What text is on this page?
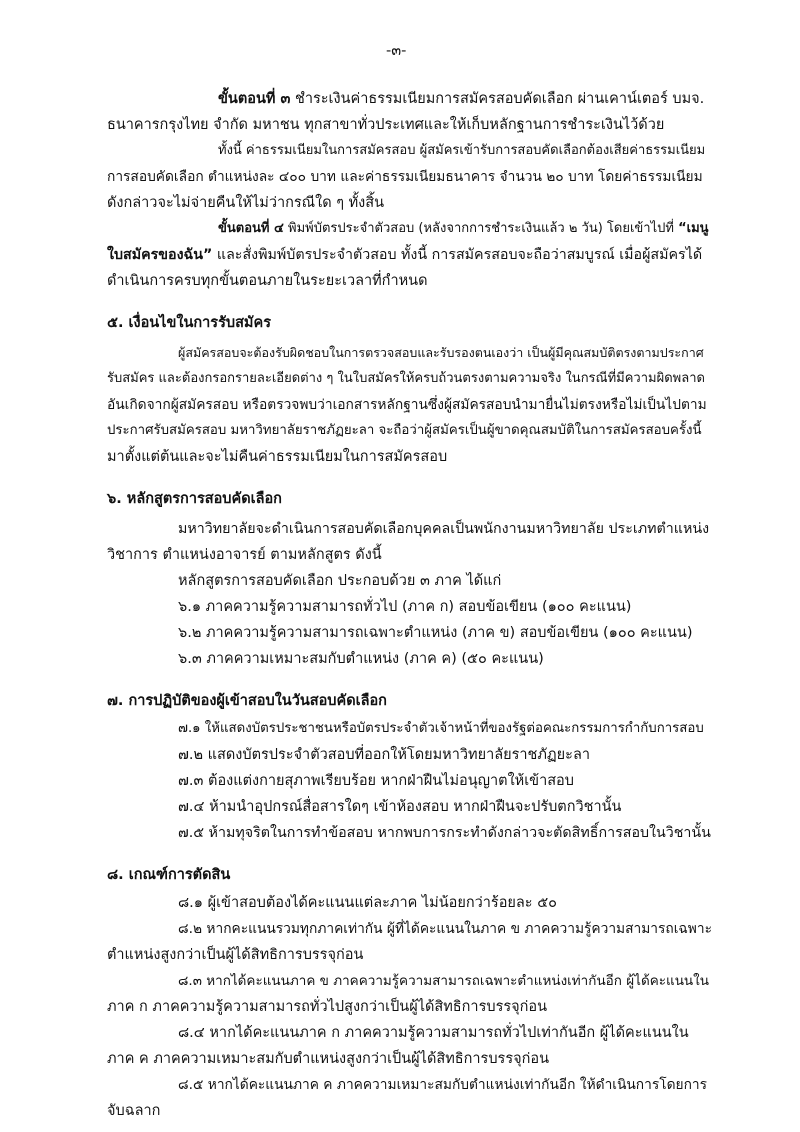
-๓-
ขั้นตอนที่ ๓ ชำระเงินค่าธรรมเนียมการสมัครสอบคัดเลือก ผ่านเคาน์เตอร์ บมจ.
ธนาคารกรุงไทย จำกัด มหาชน ทุกสาขาทั่วประเทศและให้เก็บหลักฐานการชำระเงินไว้ด้วย
ทั้งนี้ ค่าธรรมเนียมในการสมัครสอบ ผู้สมัครเข้ารับการสอบคัดเลือกต้องเสียค่าธรรมเนียม
การสอบคัดเลือก ตำแหน่งละ ๔๐๐ บาท และค่าธรรมเนียมธนาคาร จำนวน ๒๐ บาท โดยค่าธรรมเนียม
ดังกล่าวจะไม่จ่ายคืนให้ไม่ว่ากรณีใด ๆ ทั้งสิ้น
ขั้นตอนที่ ๔ พิมพ์บัตรประจำตัวสอบ (หลังจากการชำระเงินแล้ว ๒ วัน) โดยเข้าไปที่ “เมนู
ใบสมัครของฉัน” และสั่งพิมพ์บัตรประจำตัวสอบ ทั้งนี้ การสมัครสอบจะถือว่าสมบูรณ์ เมื่อผู้สมัครได้
ดำเนินการครบทุกขั้นตอนภายในระยะเวลาที่กำหนด
๕. เงื่อนไขในการรับสมัคร
ผู้สมัครสอบจะต้องรับผิดชอบในการตรวจสอบและรับรองตนเองว่า เป็นผู้มีคุณสมบัติตรงตามประกาศ
รับสมัคร และต้องกรอกรายละเอียดต่าง ๆ ในใบสมัครให้ครบถ้วนตรงตามความจริง ในกรณีที่มีความผิดพลาด
อันเกิดจากผู้สมัครสอบ หรือตรวจพบว่าเอกสารหลักฐานซึ่งผู้สมัครสอบนำมายื่นไม่ตรงหรือไม่เป็นไปตาม
ประกาศรับสมัครสอบ มหาวิทยาลัยราชภัฏยะลา จะถือว่าผู้สมัครเป็นผู้ขาดคุณสมบัติในการสมัครสอบครั้งนี้
มาตั้งแต่ต้นและจะไม่คืนค่าธรรมเนียมในการสมัครสอบ
๖. หลักสูตรการสอบคัดเลือก
มหาวิทยาลัยจะดำเนินการสอบคัดเลือกบุคคลเป็นพนักงานมหาวิทยาลัย ประเภทตำแหน่ง
วิชาการ ตำแหน่งอาจารย์ ตามหลักสูตร ดังนี้
หลักสูตรการสอบคัดเลือก ประกอบด้วย ๓ ภาค ได้แก่
๖.๑ ภาคความรู้ความสามารถทั่วไป (ภาค ก) สอบข้อเขียน (๑๐๐ คะแนน)
๖.๒ ภาคความรู้ความสามารถเฉพาะตำแหน่ง (ภาค ข) สอบข้อเขียน (๑๐๐ คะแนน)
๖.๓ ภาคความเหมาะสมกับตำแหน่ง (ภาค ค) (๕๐ คะแนน)
๗. การปฏิบัติของผู้เข้าสอบในวันสอบคัดเลือก
๗.๑ ให้แสดงบัตรประชาชนหรือบัตรประจำตัวเจ้าหน้าที่ของรัฐต่อคณะกรรมการกำกับการสอบ
๗.๒ แสดงบัตรประจำตัวสอบที่ออกให้โดยมหาวิทยาลัยราชภัฏยะลา
๗.๓ ต้องแต่งกายสุภาพเรียบร้อย หากฝ่าฝืนไม่อนุญาตให้เข้าสอบ
๗.๔ ห้ามนำอุปกรณ์สื่อสารใดๆ เข้าห้องสอบ หากฝ่าฝืนจะปรับตกวิชานั้น
๗.๕ ห้ามทุจริตในการทำข้อสอบ หากพบการกระทำดังกล่าวจะตัดสิทธิ์การสอบในวิชานั้น
๘. เกณฑ์การตัดสิน
๘.๑ ผู้เข้าสอบต้องได้คะแนนแต่ละภาค ไม่น้อยกว่าร้อยละ ๕๐
๘.๒ หากคะแนนรวมทุกภาคเท่ากัน ผู้ที่ได้คะแนนในภาค ข ภาคความรู้ความสามารถเฉพาะ
ตำแหน่งสูงกว่าเป็นผู้ได้สิทธิการบรรจุก่อน
๘.๓ หากได้คะแนนภาค ข ภาคความรู้ความสามารถเฉพาะตำแหน่งเท่ากันอีก ผู้ได้คะแนนใน
ภาค ก ภาคความรู้ความสามารถทั่วไปสูงกว่าเป็นผู้ได้สิทธิการบรรจุก่อน
๘.๔ หากได้คะแนนภาค ก ภาคความรู้ความสามารถทั่วไปเท่ากันอีก ผู้ได้คะแนนใน
ภาค ค ภาคความเหมาะสมกับตำแหน่งสูงกว่าเป็นผู้ได้สิทธิการบรรจุก่อน
๘.๕ หากได้คะแนนภาค ค ภาคความเหมาะสมกับตำแหน่งเท่ากันอีก ให้ดำเนินการโดยการ
จับฉลาก
